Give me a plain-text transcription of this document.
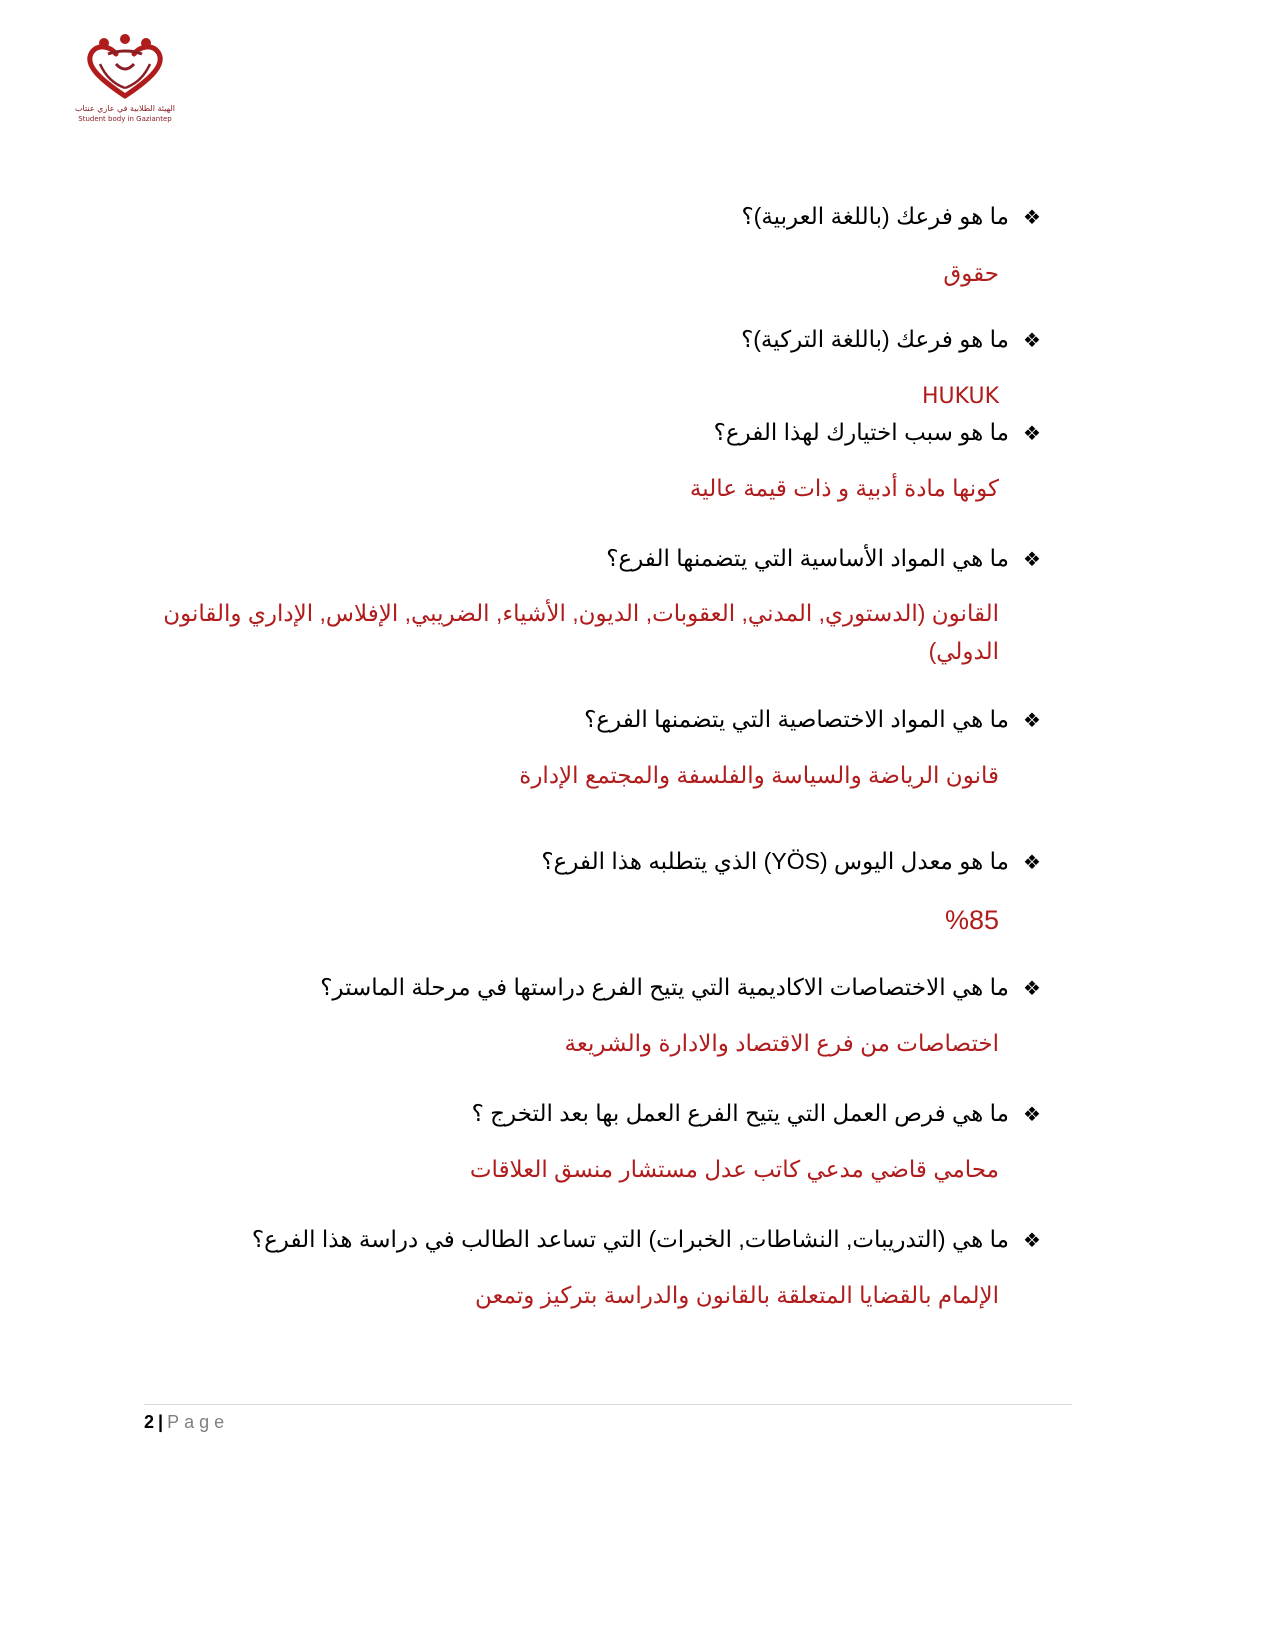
الهيئة الطلابية في عازي عنتاب
Student body in Gaziantep
❖ما هو فرعك (باللغة العربية)؟
حقوق
❖ما هو فرعك (باللغة التركية)؟
HUKUK
❖ما هو سبب اختيارك لهذا الفرع؟
كونها مادة أدبية و ذات قيمة عالية
❖ما هي المواد الأساسية التي يتضمنها الفرع؟
القانون (الدستوري, المدني, العقوبات, الديون, الأشياء, الضريبي, الإفلاس, الإداري والقانون الدولي)
❖ما هي المواد الاختصاصية التي يتضمنها الفرع؟
قانون الرياضة والسياسة والفلسفة والمجتمع الإدارة
❖ما هو معدل اليوس (YÖS) الذي يتطلبه هذا الفرع؟
%85
❖ما هي الاختصاصات الاكاديمية التي يتيح الفرع دراستها في مرحلة الماستر؟
اختصاصات من فرع الاقتصاد والادارة والشريعة
❖ما هي فرص العمل التي يتيح الفرع العمل بها بعد التخرج ؟
محامي قاضي مدعي كاتب عدل مستشار منسق العلاقات
❖ما هي (التدريبات, النشاطات, الخبرات) التي تساعد الطالب في دراسة هذا الفرع؟
الإلمام بالقضايا المتعلقة بالقانون والدراسة بتركيز وتمعن
2 | Page
